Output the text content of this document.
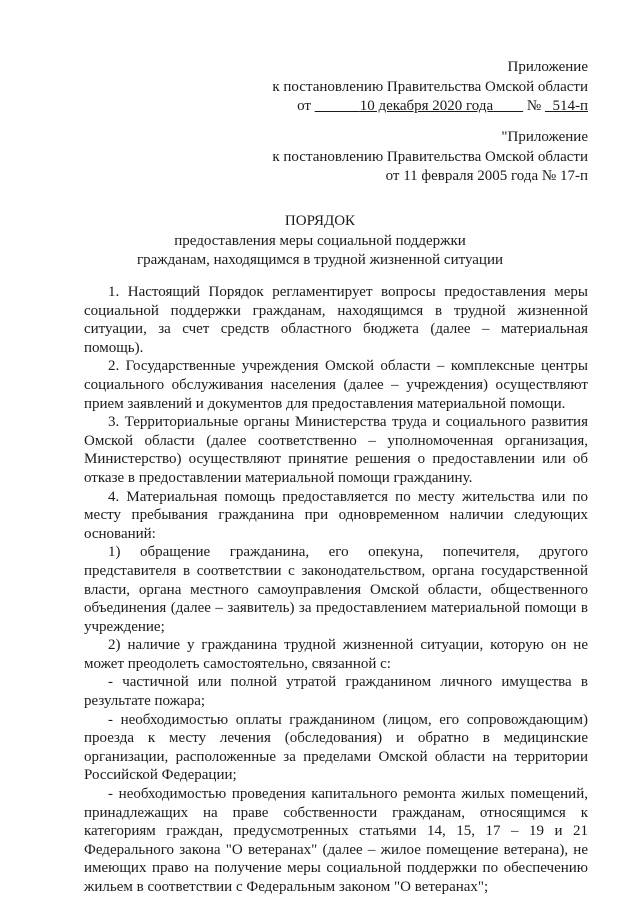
Приложение
к постановлению Правительства Омской области
от	10 декабря 2020 года № 514-п
"Приложение
к постановлению Правительства Омской области
от 11 февраля 2005 года № 17-п
ПОРЯДОК
предоставления меры социальной поддержки
гражданам, находящимся в трудной жизненной ситуации

1. Настоящий Порядок регламентирует вопросы предоставления меры социальной поддержки гражданам, находящимся в трудной жизненной ситуации, за счет средств областного бюджета (далее – материальная помощь).

2. Государственные учреждения Омской области – комплексные центры социального обслуживания населения (далее – учреждения) осуществляют прием заявлений и документов для предоставления материальной помощи.

3. Территориальные органы Министерства труда и социального развития Омской области (далее соответственно – уполномоченная организация, Министерство) осуществляют принятие решения о предоставлении или об отказе в предоставлении материальной помощи гражданину.

4. Материальная помощь предоставляется по месту жительства или по месту пребывания гражданина при одновременном наличии следующих оснований:

1) обращение гражданина, его опекуна, попечителя, другого представителя в соответствии с законодательством, органа государственной власти, органа местного самоуправления Омской области, общественного объединения (далее – заявитель) за предоставлением материальной помощи в учреждение;

2) наличие у гражданина трудной жизненной ситуации, которую он не может преодолеть самостоятельно, связанной с:

- частичной или полной утратой гражданином личного имущества в результате пожара;

- необходимостью оплаты гражданином (лицом, его сопровождающим) проезда к месту лечения (обследования) и обратно в медицинские организации, расположенные за пределами Омской области на территории Российской Федерации;

- необходимостью проведения капитального ремонта жилых помещений, принадлежащих на праве собственности гражданам, относящимся к категориям граждан, предусмотренных статьями 14, 15, 17 – 19 и 21 Федерального закона "О ветеранах" (далее – жилое помещение ветерана), не имеющих право на получение меры социальной поддержки по обеспечению жильем в соответствии с Федеральным законом "О ветеранах";
